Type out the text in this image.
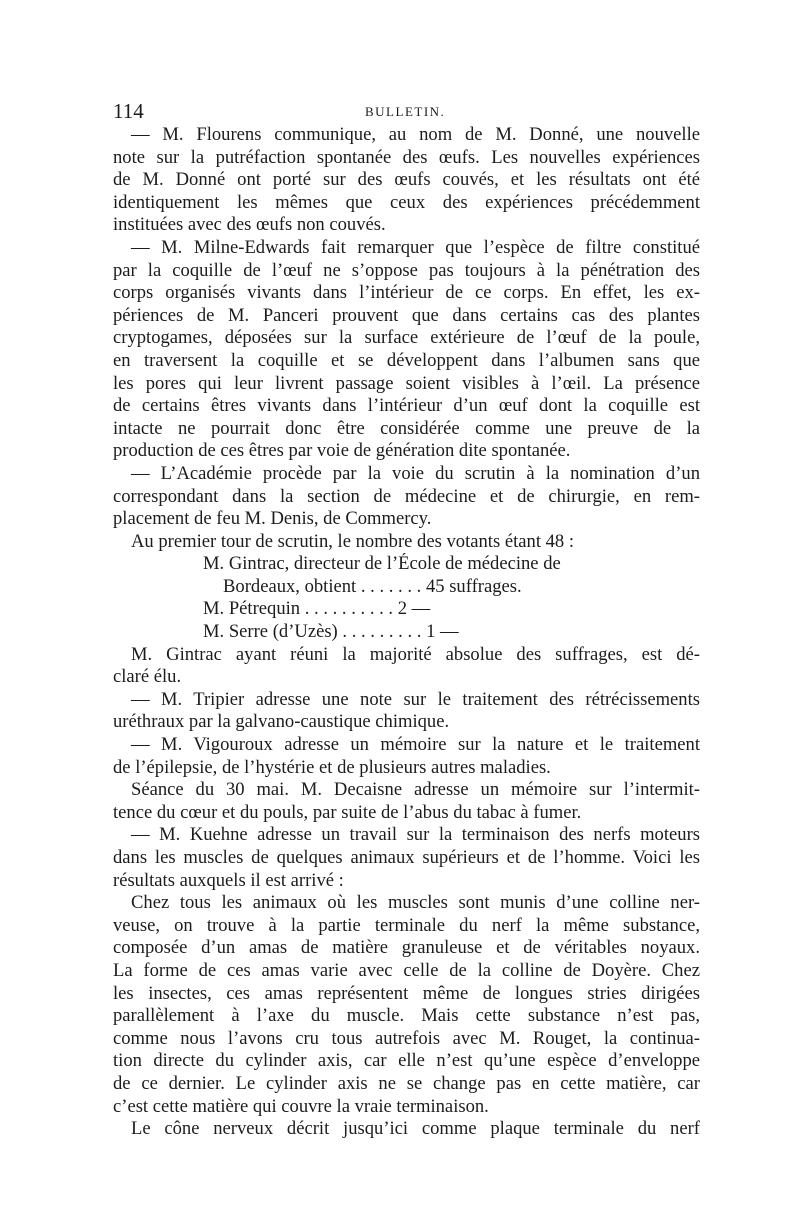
114	BULLETIN.
— M. Flourens communique, au nom de M. Donné, une nouvelle
note sur la putréfaction spontanée des œufs. Les nouvelles expériences
de M. Donné ont porté sur des œufs couvés, et les résultats ont été
identiquement les mêmes que ceux des expériences précédemment
instituées avec des œufs non couvés.
— M. Milne-Edwards fait remarquer que l’espèce de filtre constitué
par la coquille de l’œuf ne s’oppose pas toujours à la pénétration des
corps organisés vivants dans l’intérieur de ce corps. En effet, les ex-
périences de M. Panceri prouvent que dans certains cas des plantes
cryptogames, déposées sur la surface extérieure de l’œuf de la poule,
en traversent la coquille et se développent dans l’albumen sans que
les pores qui leur livrent passage soient visibles à l’œil. La présence
de certains êtres vivants dans l’intérieur d’un œuf dont la coquille est
intacte ne pourrait donc être considérée comme une preuve de la
production de ces êtres par voie de génération dite spontanée.
— L’Académie procède par la voie du scrutin à la nomination d’un
correspondant dans la section de médecine et de chirurgie, en rem-
placement de feu M. Denis, de Commercy.
Au premier tour de scrutin, le nombre des votants étant 48 :
M. Gintrac, directeur de l’École de médecine de
Bordeaux, obtient . . . . . . . 45 suffrages.
M. Pétrequin . . . . . . . . . . 2 —
M. Serre (d’Uzès) . . . . . . . . . 1 —
M. Gintrac ayant réuni la majorité absolue des suffrages, est dé-
claré élu.
— M. Tripier adresse une note sur le traitement des rétrécissements
uréthraux par la galvano-caustique chimique.
— M. Vigouroux adresse un mémoire sur la nature et le traitement
de l’épilepsie, de l’hystérie et de plusieurs autres maladies.
Séance du 30 mai. M. Decaisne adresse un mémoire sur l’intermit-
tence du cœur et du pouls, par suite de l’abus du tabac à fumer.
— M. Kuehne adresse un travail sur la terminaison des nerfs moteurs
dans les muscles de quelques animaux supérieurs et de l’homme. Voici les
résultats auxquels il est arrivé :
Chez tous les animaux où les muscles sont munis d’une colline ner-
veuse, on trouve à la partie terminale du nerf la même substance,
composée d’un amas de matière granuleuse et de véritables noyaux.
La forme de ces amas varie avec celle de la colline de Doyère. Chez
les insectes, ces amas représentent même de longues stries dirigées
parallèlement à l’axe du muscle. Mais cette substance n’est pas,
comme nous l’avons cru tous autrefois avec M. Rouget, la continua-
tion directe du cylinder axis, car elle n’est qu’une espèce d’enveloppe
de ce dernier. Le cylinder axis ne se change pas en cette matière, car
c’est cette matière qui couvre la vraie terminaison.
Le cône nerveux décrit jusqu’ici comme plaque terminale du nerf
